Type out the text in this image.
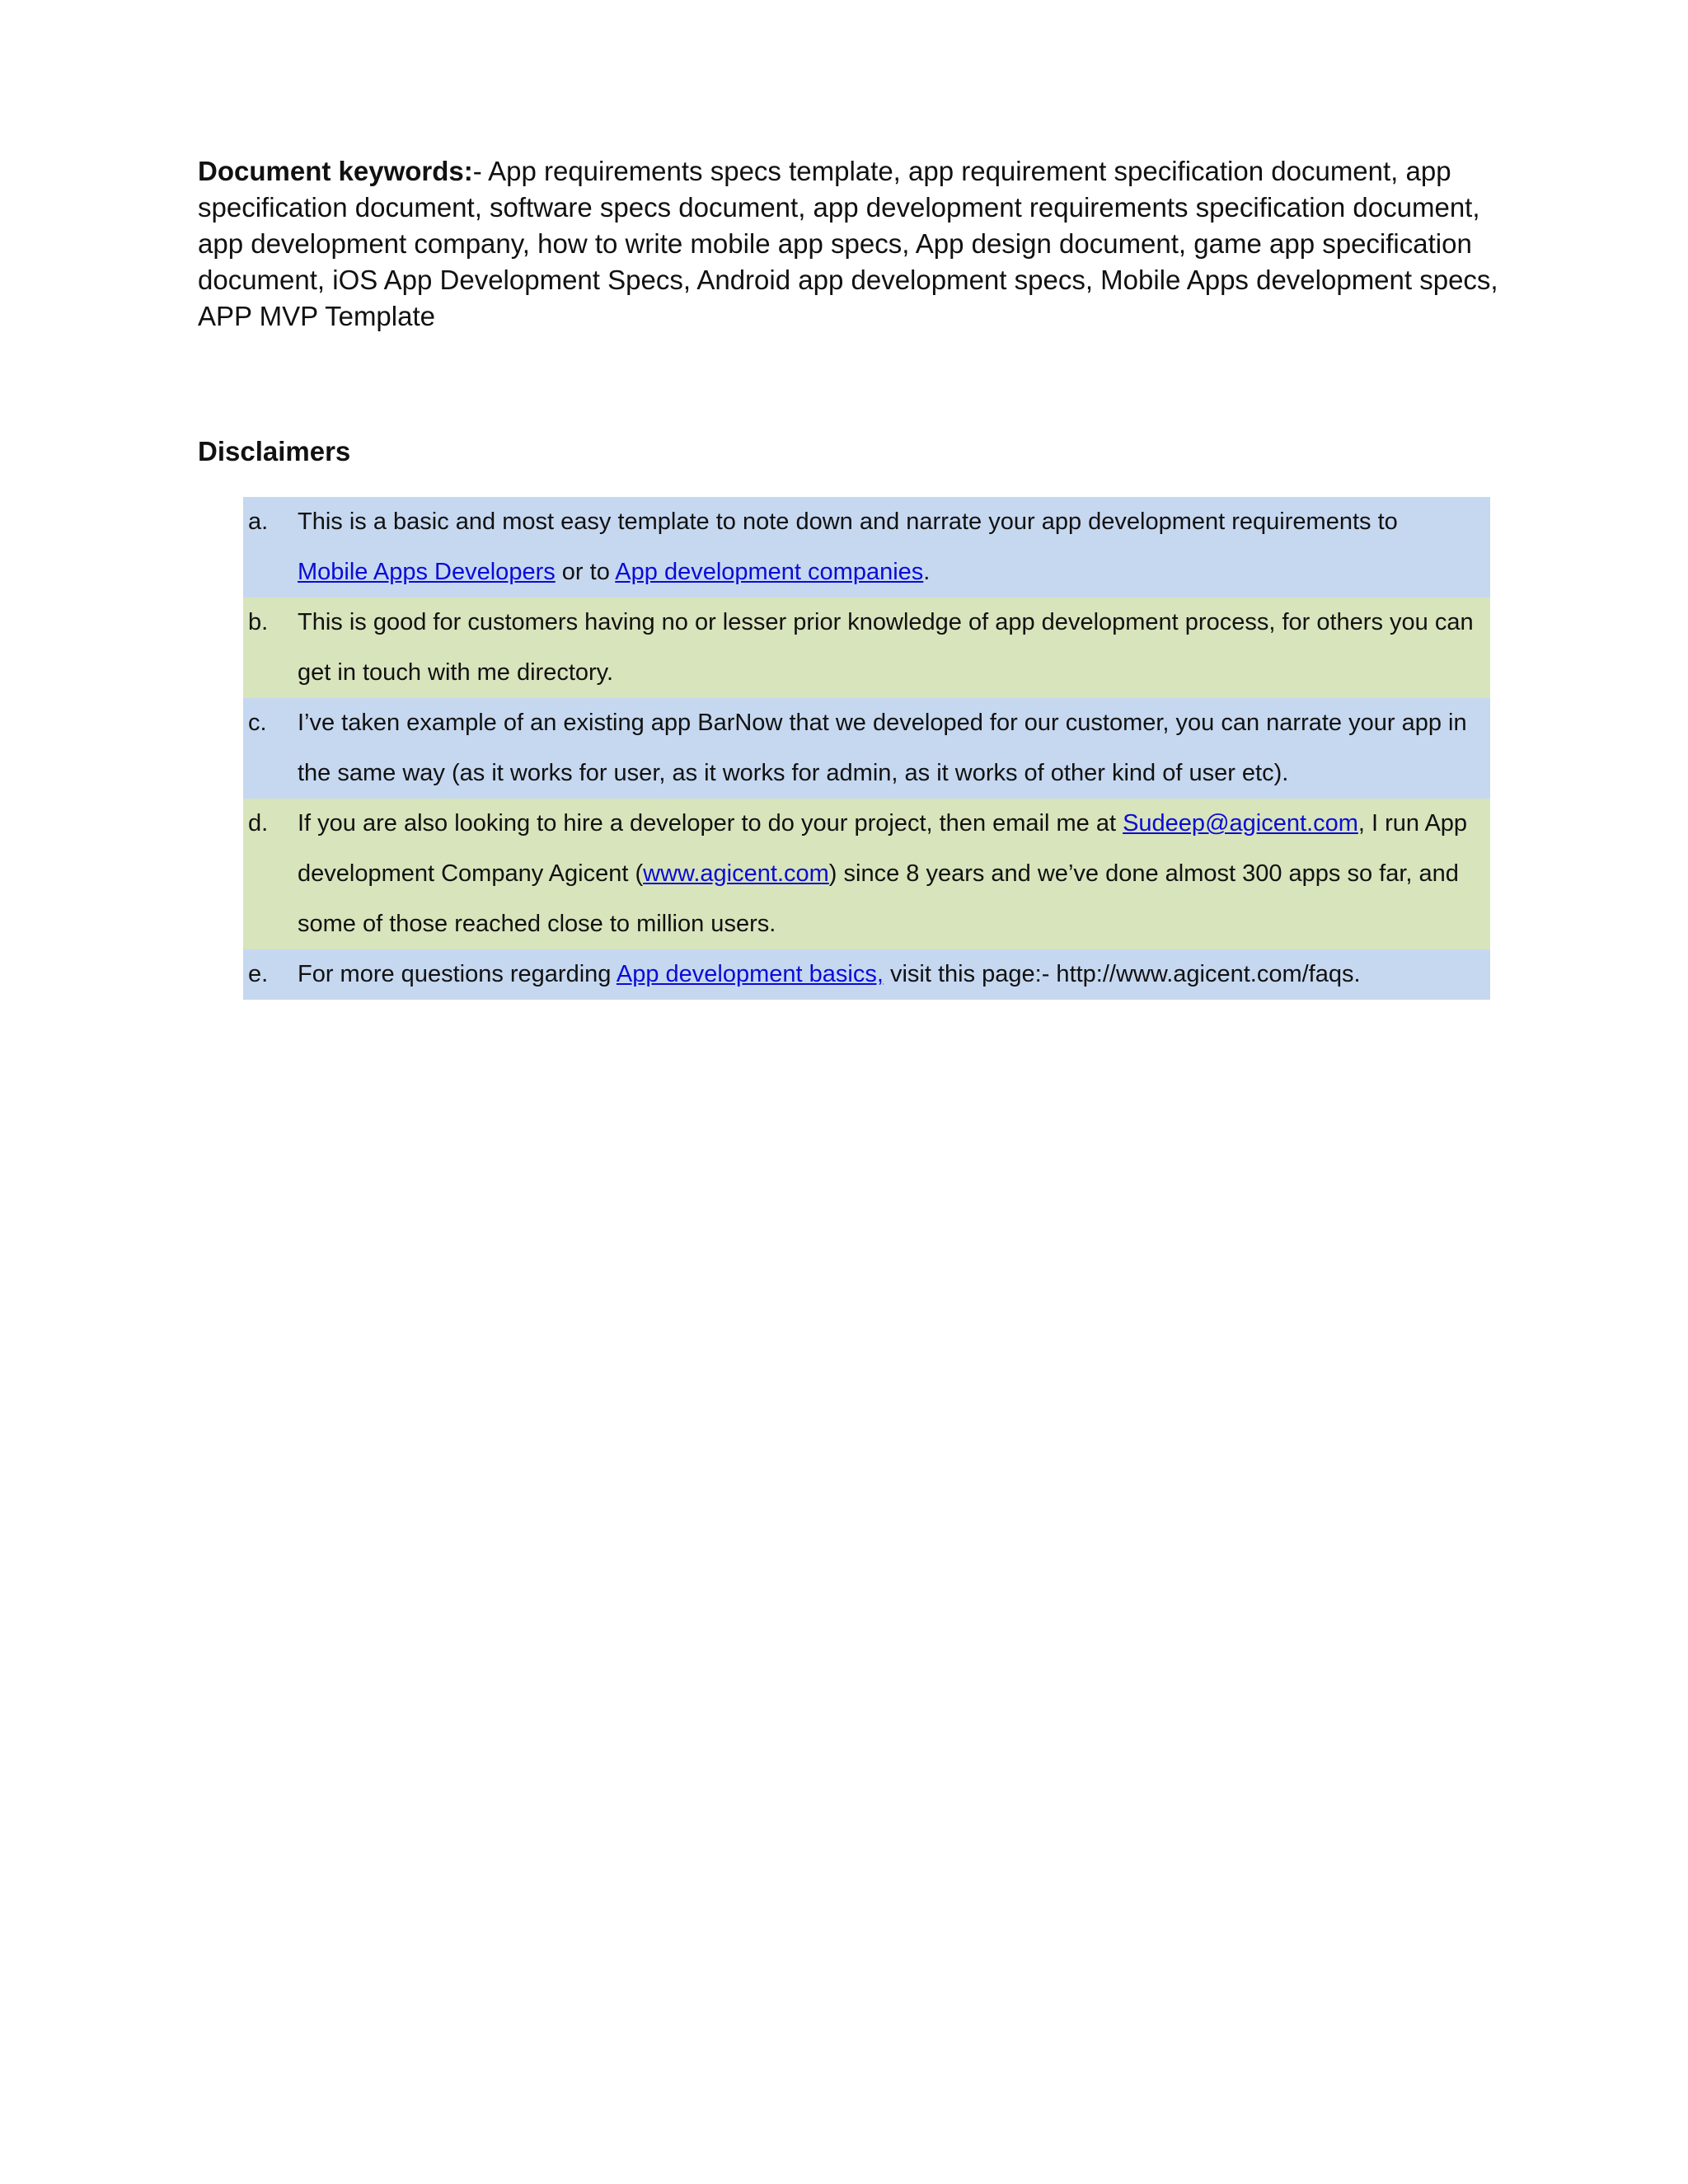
Document keywords:- App requirements specs template, app requirement specification document, app specification document, software specs document, app development requirements specification document, app development company, how to write mobile app specs, App design document, game app specification document, iOS App Development Specs, Android app development specs, Mobile Apps development specs, APP MVP Template

Disclaimers
a.	This is a basic and most easy template to note down and narrate your app development requirements to Mobile Apps Developers or to App development companies.
b.	This is good for customers having no or lesser prior knowledge of app development process, for others you can get in touch with me directory.
c.	I’ve taken example of an existing app BarNow that we developed for our customer, you can narrate your app in the same way (as it works for user, as it works for admin, as it works of other kind of user etc).
d.	If you are also looking to hire a developer to do your project, then email me at Sudeep@agicent.com, I run App development Company Agicent (www.agicent.com) since 8 years and we’ve done almost 300 apps so far, and some of those reached close to million users.
e.	For more questions regarding App development basics, visit this page:- http://www.agicent.com/faqs.
